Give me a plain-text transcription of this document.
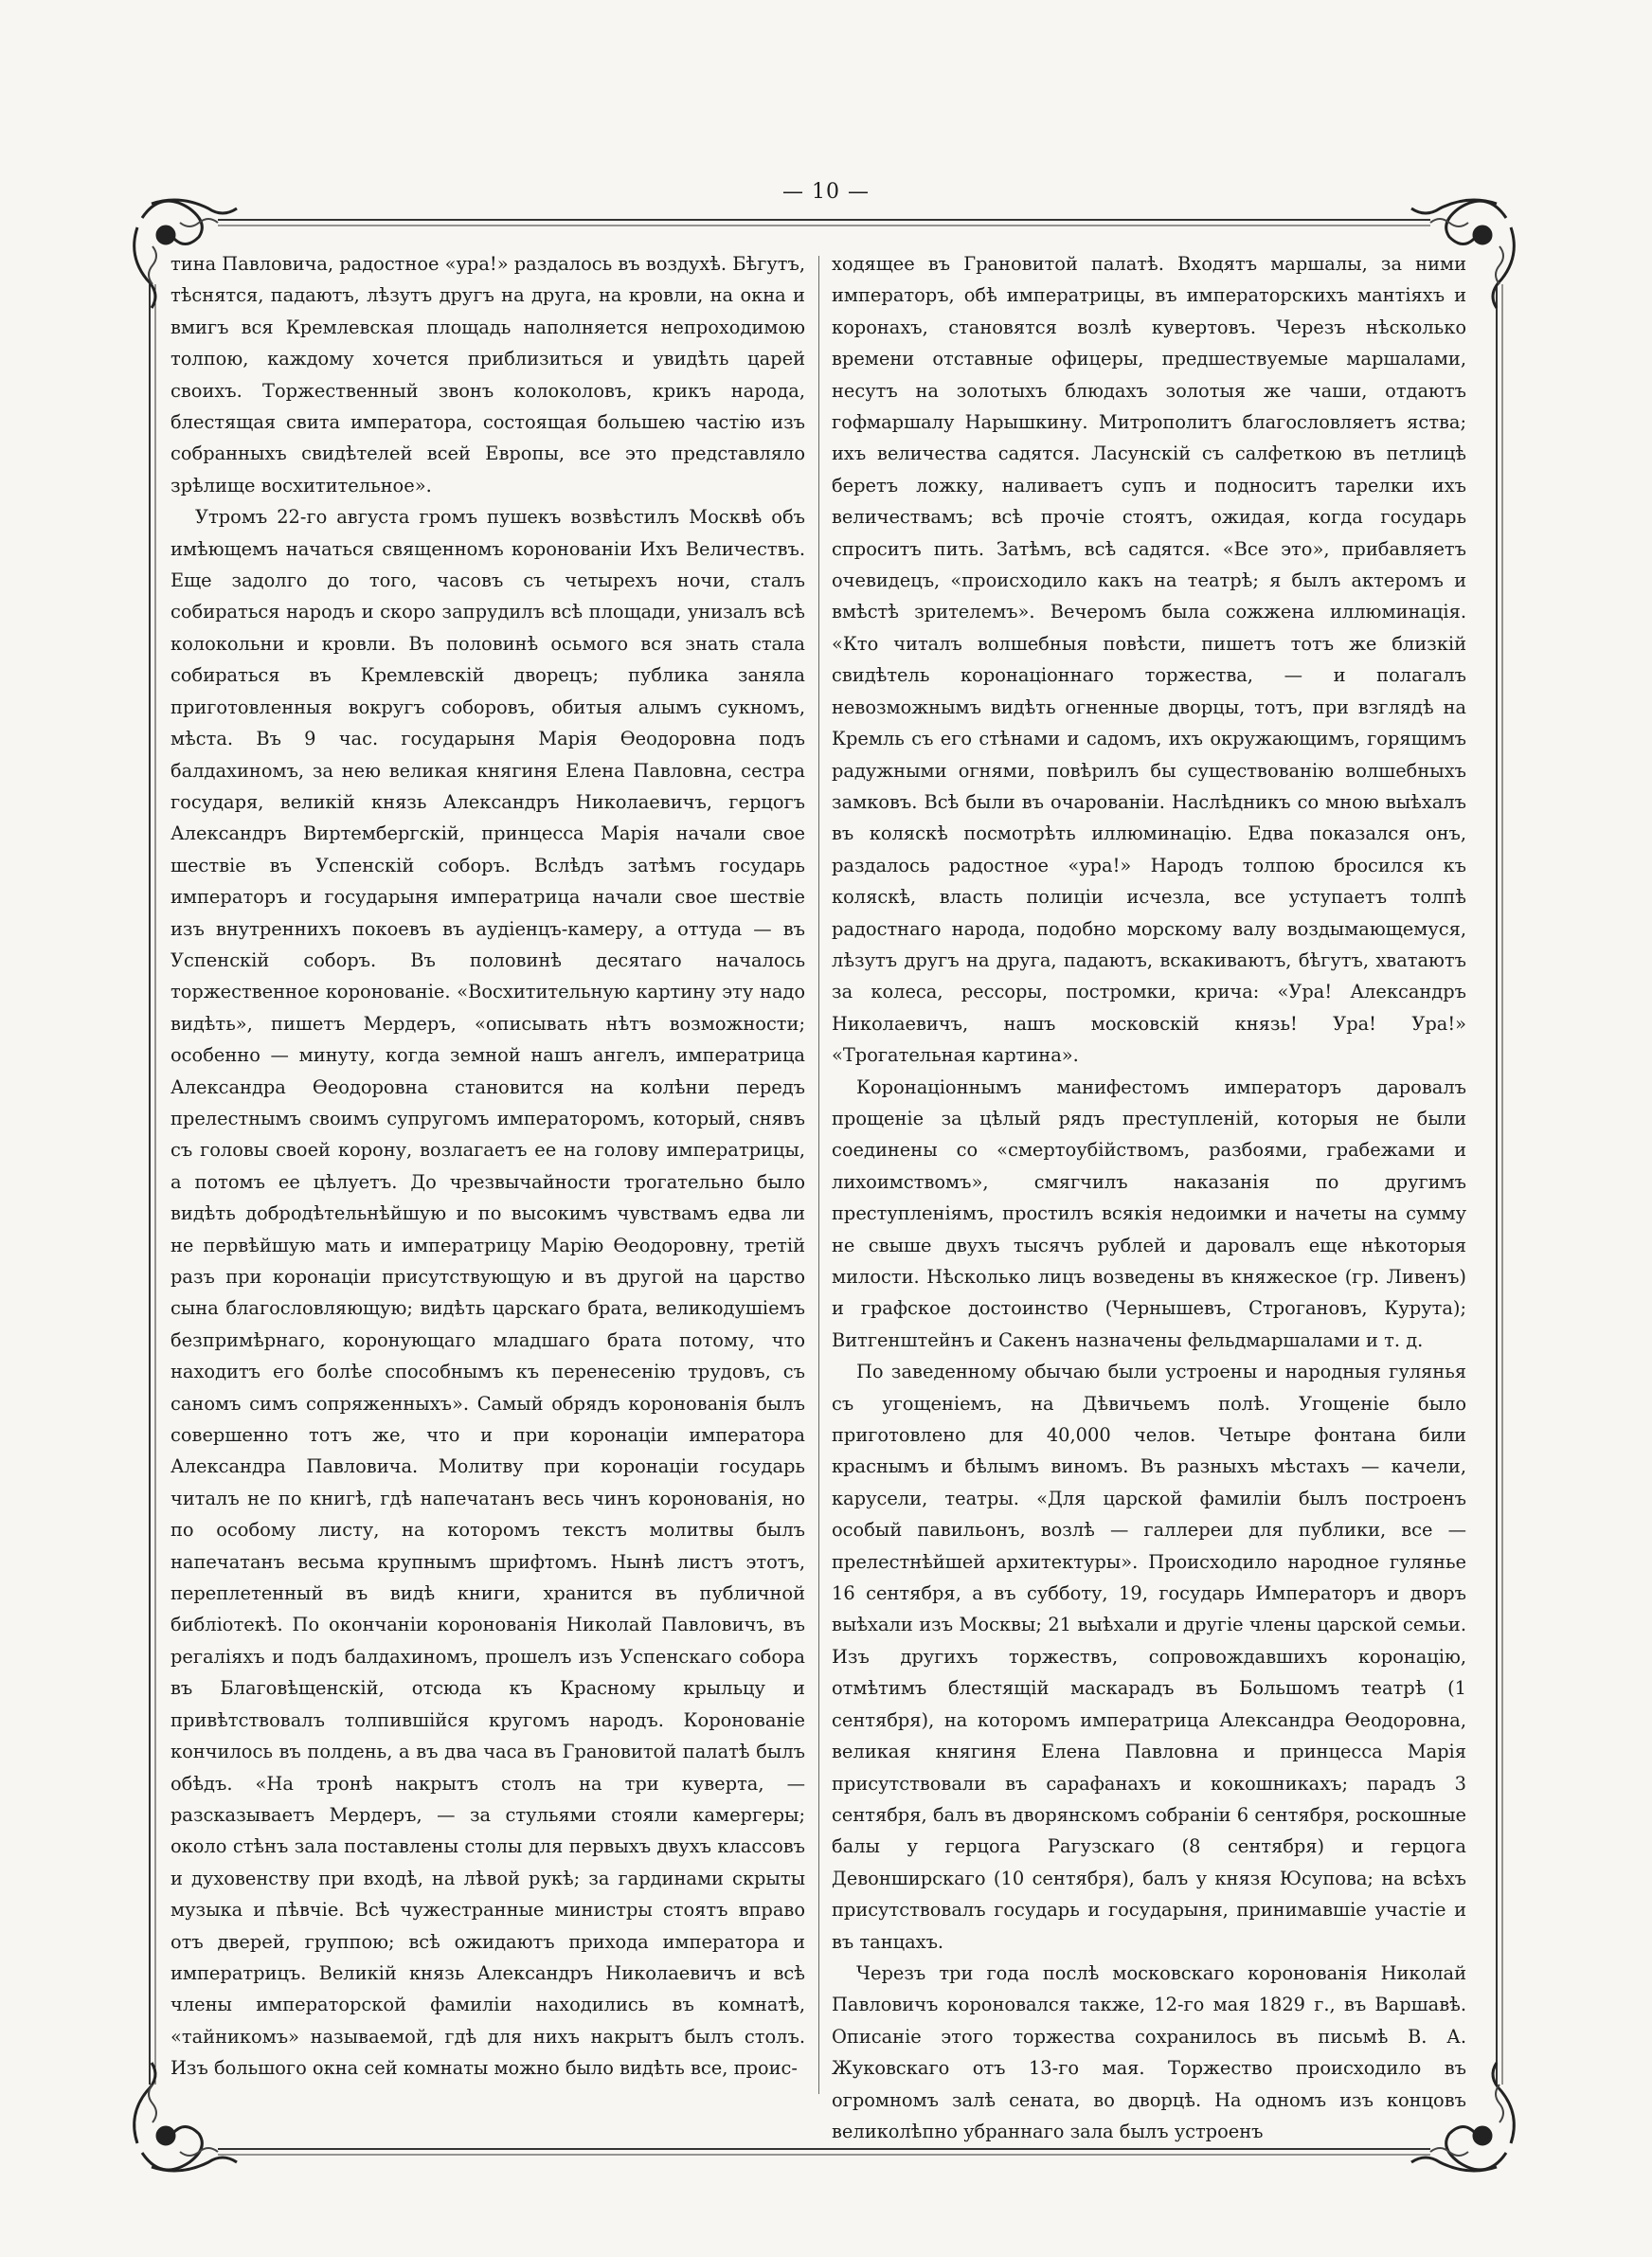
— 10 —

тина Павловича, радостное «ура!» раздалось въ воздухѣ. Бѣгутъ, тѣснятся, падаютъ, лѣзутъ другъ на друга, на кровли, на окна и вмигъ вся Кремлевская площадь наполняется непроходимою толпою, каждому хочется приблизиться и увидѣть царей своихъ. Торжественный звонъ колоколовъ, крикъ народа, блестящая свита императора, состоящая большею частію изъ собранныхъ свидѣтелей всей Европы, все это представляло зрѣлище восхитительное».

Утромъ 22-го августа громъ пушекъ возвѣстилъ Москвѣ объ имѣющемъ начаться священномъ короновaніи Ихъ Величествъ. Еще задолго до того, часовъ съ четырехъ ночи, сталъ собираться народъ и скоро запрудилъ всѣ площади, унизалъ всѣ колокольни и кровли. Въ половинѣ осьмого вся знать стала собираться въ Кремлевскій дворецъ; публика заняла приготовленныя вокругъ соборовъ, обитыя алымъ сукномъ, мѣста. Въ 9 час. государыня Марія Ѳеодоровна подъ балдахиномъ, за нею великая княгиня Елена Павловна, сестра государя, великій князь Александръ Николаевичъ, герцогъ Александръ Виртембергскій, принцесса Марія начали свое шествіе въ Успенскій соборъ. Вслѣдъ затѣмъ государь императоръ и государыня императрица начали свое шествіе изъ внутреннихъ покоевъ въ аудіенцъ-камеру, а оттуда — въ Успенскій соборъ. Въ половинѣ десятаго началось торжественное коронованіе. «Восхитительную картину эту надо видѣть», пишетъ Мердеръ, «описывать нѣтъ возможности; особенно — минуту, когда земной нашъ ангелъ, императрица Александра Ѳеодоровна становится на колѣни передъ прелестнымъ своимъ супругомъ императоромъ, который, снявъ съ головы своей корону, возлагаетъ ее на голову императрицы, а потомъ ее цѣлуетъ. До чрезвычайности трогательно было видѣть добродѣтельнѣйшую и по высокимъ чувствамъ едва ли не первѣйшую мать и императрицу Марію Ѳеодоровну, третій разъ при коронаціи присутствующую и въ другой на царство сына благословляющую; видѣть царскаго брата, великодушіемъ безпримѣрнаго, коронующаго младшаго брата потому, что находитъ его болѣе способнымъ къ перенесенію трудовъ, съ саномъ симъ сопряженныхъ». Самый обрядъ коронованія былъ совершенно тотъ же, что и при коронаціи императора Александра Павловича. Молитву при коронаціи государь читалъ не по книгѣ, гдѣ напечатанъ весь чинъ коронованія, но по особому листу, на которомъ текстъ молитвы былъ напечатанъ весьма крупнымъ шрифтомъ. Нынѣ листъ этотъ, переплетенный въ видѣ книги, хранится въ публичной библіотекѣ. По окончаніи коронованія Николай Павловичъ, въ регаліяхъ и подъ балдахиномъ, прошелъ изъ Успенскаго собора въ Благовѣщенскій, отсюда къ Красному крыльцу и привѣтствовалъ толпившійся кругомъ народъ. Коронованіе кончилось въ полдень, а въ два часа въ Грановитой палатѣ былъ обѣдъ. «На тронѣ накрытъ столъ на три куверта, — разсказываетъ Мердеръ, — за стульями стояли камергеры; около стѣнъ зала поставлены столы для первыхъ двухъ классовъ и духовенству при входѣ, на лѣвой рукѣ; за гардинами скрыты музыка и пѣвчіе. Всѣ чужестранные министры стоятъ вправо отъ дверей, группою; всѣ ожидаютъ прихода императора и императрицъ. Великій князь Александръ Николаевичъ и всѣ члены императорской фамиліи находились въ комнатѣ, «тайникомъ» называемой, гдѣ для нихъ накрытъ былъ столъ. Изъ большого окна сей комнаты можно было видѣть все, проис-

ходящее въ Грановитой палатѣ. Входятъ маршалы, за ними императоръ, обѣ императрицы, въ императорскихъ мантіяхъ и коронахъ, становятся возлѣ кувертовъ. Черезъ нѣсколько времени отставные офицеры, предшествуемые маршалами, несутъ на золотыхъ блюдахъ золотыя же чаши, отдаютъ гофмаршалу Нарышкину. Митрополитъ благословляетъ яства; ихъ величества садятся. Ласунскій съ салфеткою въ петлицѣ беретъ ложку, наливаетъ супъ и подноситъ тарелки ихъ величествамъ; всѣ прочіе стоятъ, ожидая, когда государь спроситъ пить. Затѣмъ, всѣ садятся. «Все это», прибавляетъ очевидецъ, «происходило какъ на театрѣ; я былъ актеромъ и вмѣстѣ зрителемъ». Вечеромъ была сожжена иллюминація. «Кто читалъ волшебныя повѣсти, пишетъ тотъ же близкій свидѣтель коронаціоннаго торжества, — и полагалъ невозможнымъ видѣть огненные дворцы, тотъ, при взглядѣ на Кремль съ его стѣнами и садомъ, ихъ окружающимъ, горящимъ радужными огнями, повѣрилъ бы существованію волшебныхъ замковъ. Всѣ были въ очарованіи. Наслѣдникъ со мною выѣхалъ въ коляскѣ посмотрѣть иллюминацію. Едва показался онъ, раздалось радостное «ура!» Народъ толпою бросился къ коляскѣ, власть полиціи исчезла, все уступаетъ толпѣ радостнаго народа, подобно морскому валу воздымающемуся, лѣзутъ другъ на друга, падаютъ, вскакиваютъ, бѣгутъ, хватаютъ за колеса, рессоры, постромки, крича: «Ура! Александръ Николаевичъ, нашъ московскій князь! Ура! Ура!» «Трогательная картина».

Коронаціоннымъ манифестомъ императоръ даровалъ прощеніе за цѣлый рядъ преступленій, которыя не были соединены со «смертоубійствомъ, разбоями, грабежами и лихоимствомъ», смягчилъ наказанія по другимъ преступленіямъ, простилъ всякія недоимки и начеты на сумму не свыше двухъ тысячъ рублей и даровалъ еще нѣкоторыя милости. Нѣсколько лицъ возведены въ княжеское (гр. Ливенъ) и графское достоинство (Чернышевъ, Строгановъ, Курута); Витгенштейнъ и Сакенъ назначены фельдмаршалами и т. д.

По заведенному обычаю были устроены и народныя гулянья съ угощеніемъ, на Дѣвичьемъ полѣ. Угощеніе было приготовлено для 40,000 челов. Четыре фонтана били краснымъ и бѣлымъ виномъ. Въ разныхъ мѣстахъ — качели, карусели, театры. «Для царской фамиліи былъ построенъ особый павильонъ, возлѣ — галлереи для публики, все — прелестнѣйшей архитектуры». Происходило народное гулянье 16 сентября, а въ субботу, 19, государь Императоръ и дворъ выѣхали изъ Москвы; 21 выѣхали и другіе члены царской семьи. Изъ другихъ торжествъ, сопровождавшихъ коронацію, отмѣтимъ блестящій маскарадъ въ Большомъ театрѣ (1 сентября), на которомъ императрица Александра Ѳеодоровна, великая княгиня Елена Павловна и принцесса Марія присутствовали въ сарафанахъ и кокошникахъ; парадъ 3 сентября, балъ въ дворянскомъ собраніи 6 сентября, роскошные балы у герцога Рагузскаго (8 сентября) и герцога Девонширскаго (10 сентября), балъ у князя Юсупова; на всѣхъ присутствовалъ государь и государыня, принимавшіе участіе и въ танцахъ.

Черезъ три года послѣ московскаго коронованія Николай Павловичъ короновался также, 12-го мая 1829 г., въ Варшавѣ. Описаніе этого торжества сохранилось въ письмѣ В. А. Жуковскаго отъ 13-го мая. Торжество происходило въ огромномъ залѣ сената, во дворцѣ. На одномъ изъ концовъ великолѣпно убраннаго зала былъ устроенъ
